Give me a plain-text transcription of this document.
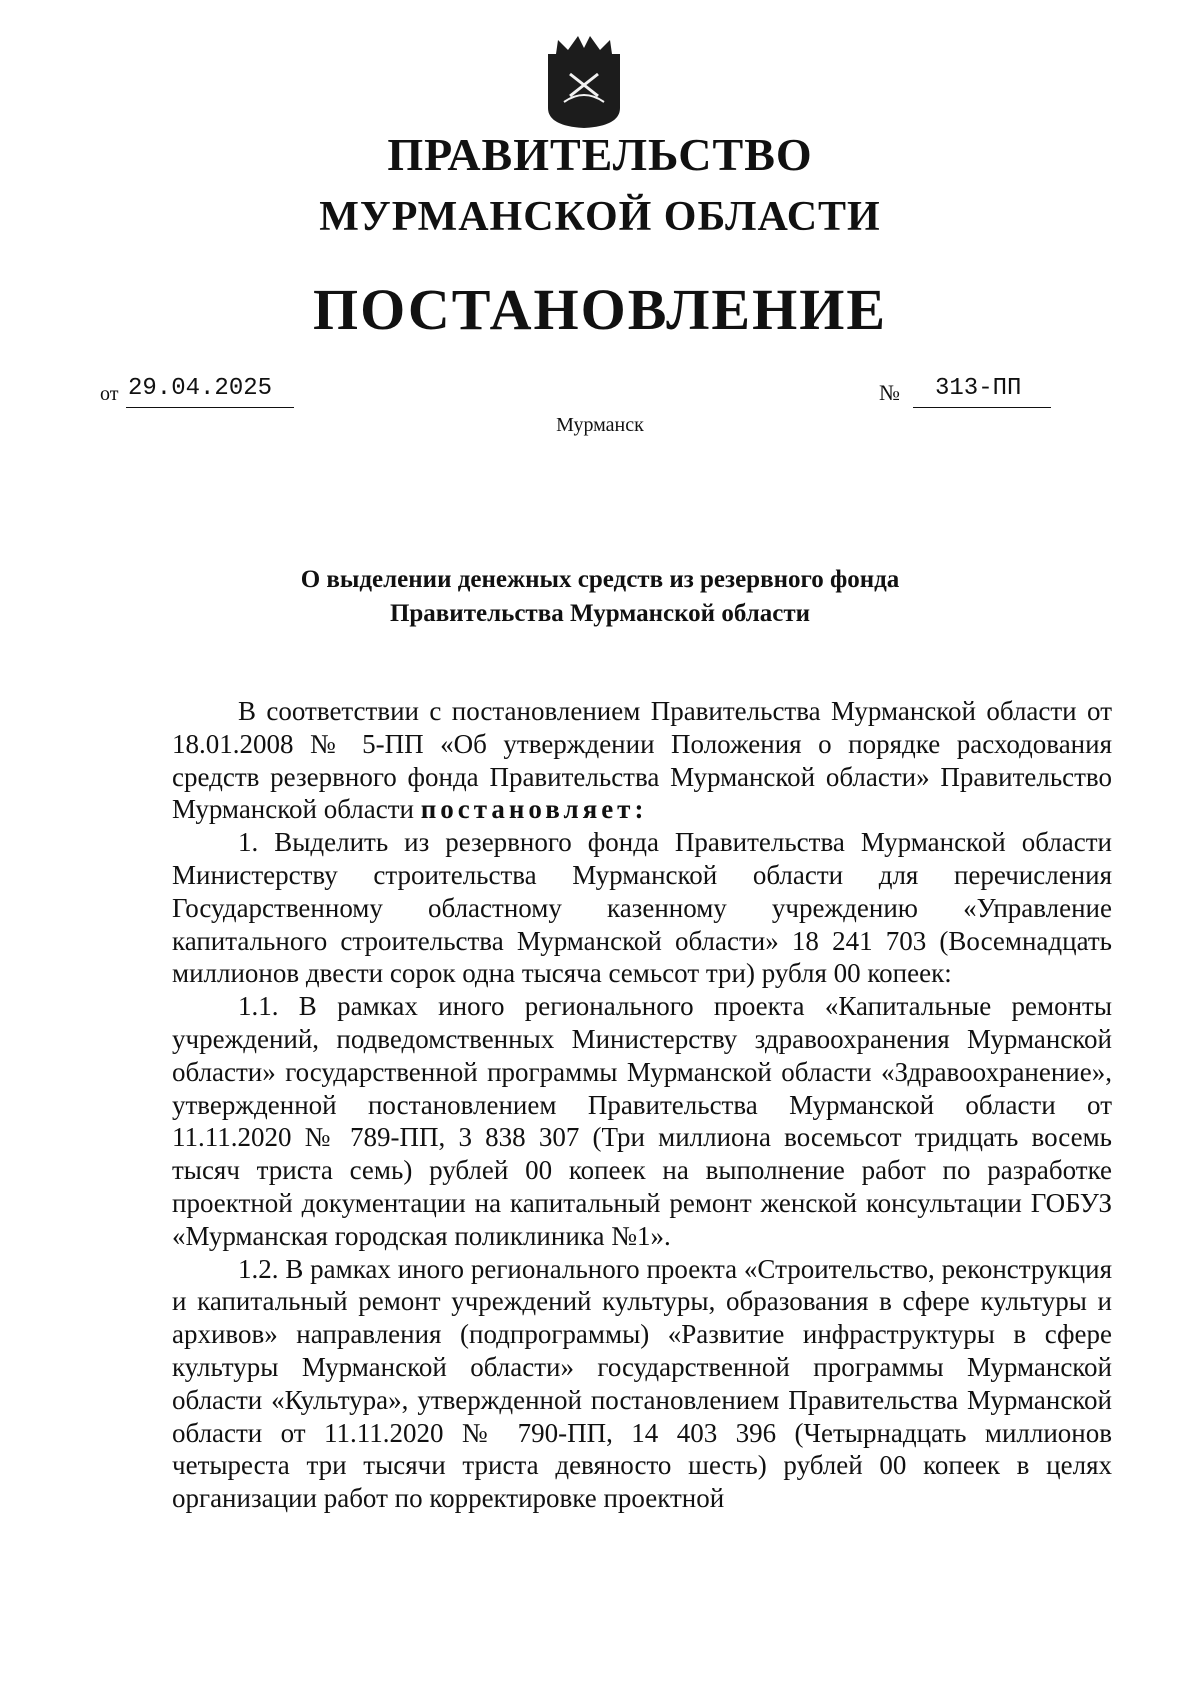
ПРАВИТЕЛЬСТВО
МУРМАНСКОЙ ОБЛАСТИ
ПОСТАНОВЛЕНИЕ
от 29.04.2025	№ 313-ПП

Мурманск

О выделении денежных средств из резервного фонда
Правительства Мурманской области

В соответствии с постановлением Правительства Мурманской области от 18.01.2008 № 5-ПП «Об утверждении Положения о порядке расходования средств резервного фонда Правительства Мурманской области» Правительство Мурманской области постановляет:

1. Выделить из резервного фонда Правительства Мурманской области Министерству строительства Мурманской области для перечисления Государственному областному казенному учреждению «Управление капитального строительства Мурманской области» 18 241 703 (Восемнадцать миллионов двести сорок одна тысяча семьсот три) рубля 00 копеек:

1.1. В рамках иного регионального проекта «Капитальные ремонты учреждений, подведомственных Министерству здравоохранения Мурманской области» государственной программы Мурманской области «Здравоохранение», утвержденной постановлением Правительства Мурманской области от 11.11.2020 № 789-ПП, 3 838 307 (Три миллиона восемьсот тридцать восемь тысяч триста семь) рублей 00 копеек на выполнение работ по разработке проектной документации на капитальный ремонт женской консультации ГОБУЗ «Мурманская городская поликлиника №1».

1.2. В рамках иного регионального проекта «Строительство, реконструкция и капитальный ремонт учреждений культуры, образования в сфере культуры и архивов» направления (подпрограммы) «Развитие инфраструктуры в сфере культуры Мурманской области» государственной программы Мурманской области «Культура», утвержденной постановлением Правительства Мурманской области от 11.11.2020 № 790-ПП, 14 403 396 (Четырнадцать миллионов четыреста три тысячи триста девяносто шесть) рублей 00 копеек в целях организации работ по корректировке проектной
